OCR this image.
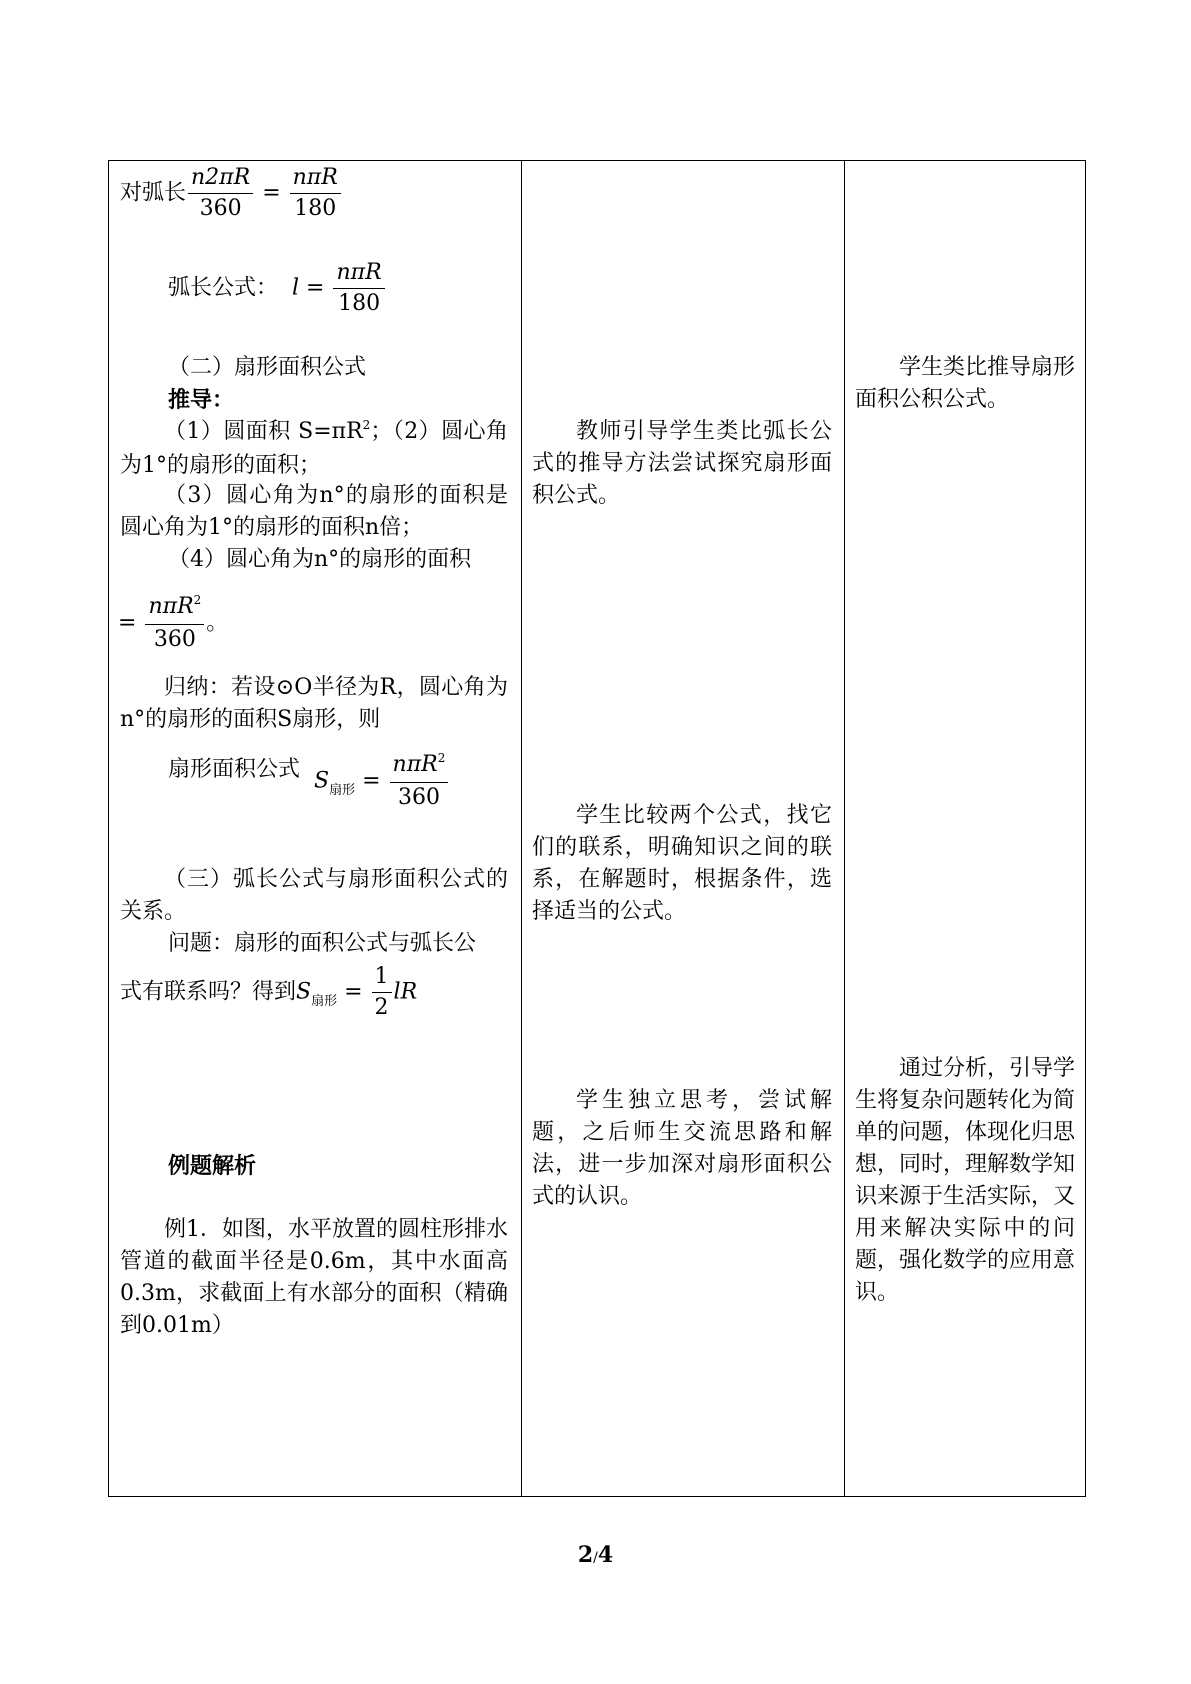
对弧长 $\frac{n2\pi R}{360} = \frac{\text{nπR}}{180}$
弧长公式： $l = \frac{\text{nπR}}{180}$
（二）扇形面积公式
推导：
（1）圆面积 $S=\pi R^2$；（2）圆心角为1°的扇形的面积；
（3）圆心角为n°的扇形的面积是圆心角为1°的扇形的面积n倍；
（4）圆心角为n°的扇形的面积
= $\frac{n\pi R^2}{360}$ 。
归纳：若设⊙O半径为R，圆心角为n°的扇形的面积S扇形，则
扇形面积公式 $S_{扇形} = \frac{n\pi R^2}{360}$
（三）弧长公式与扇形面积公式的关系。
问题：扇形的面积公式与弧长公
式有联系吗？得到$S_{扇形} = \frac{1}{2}$ lR
例题解析
例1．如图，水平放置的圆柱形排水管道的截面半径是0.6m，其中水面高0.3m，求截面上有水部分的面积（精确到0.01m）
教师引导学生类比弧长公式的推导方法尝试探究扇形面积公式。
学生比较两个公式，找它们的联系，明确知识之间的联系，在解题时，根据条件，选择适当的公式。
学生独立思考，尝试解题，之后师生交流思路和解法，进一步加深对扇形面积公式的认识。
学生类比推导扇形面积公积公式。
通过分析，引导学生将复杂问题转化为简单的问题，体现化归思想，同时，理解数学知识来源于生活实际，又用来解决实际中的问题，强化数学的应用意识。
2/4
